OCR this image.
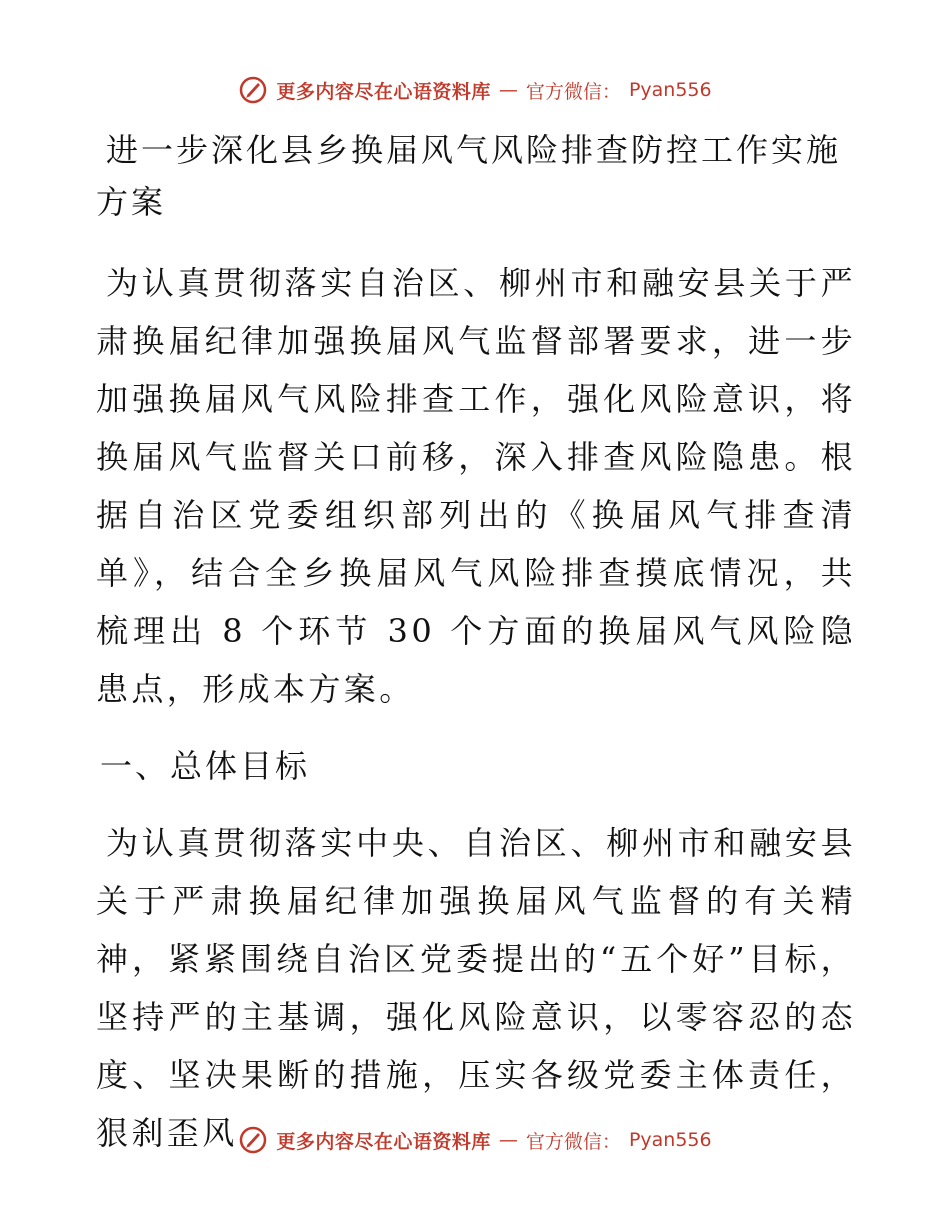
更多内容尽在心语资料库 — 官方微信： Pyan556
进一步深化县乡换届风气风险排查防控工作实施方案

为认真贯彻落实自治区、柳州市和融安县关于严肃换届纪律加强换届风气监督部署要求，进一步加强换届风气风险排查工作，强化风险意识，将换届风气监督关口前移，深入排查风险隐患。根据自治区党委组织部列出的《换届风气排查清单》，结合全乡换届风气风险排查摸底情况，共梳理出 8 个环节 30 个方面的换届风气风险隐患点，形成本方案。

一、总体目标

为认真贯彻落实中央、自治区、柳州市和融安县关于严肃换届纪律加强换届风气监督的有关精神，紧紧围绕自治区党委提出的“五个好”目标，坚持严的主基调，强化风险意识，以零容忍的态度、坚决果断的措施，压实各级党委主体责任，狠刹歪风	更多内容尽在心语资料库 — 官方微信： Pyan556
